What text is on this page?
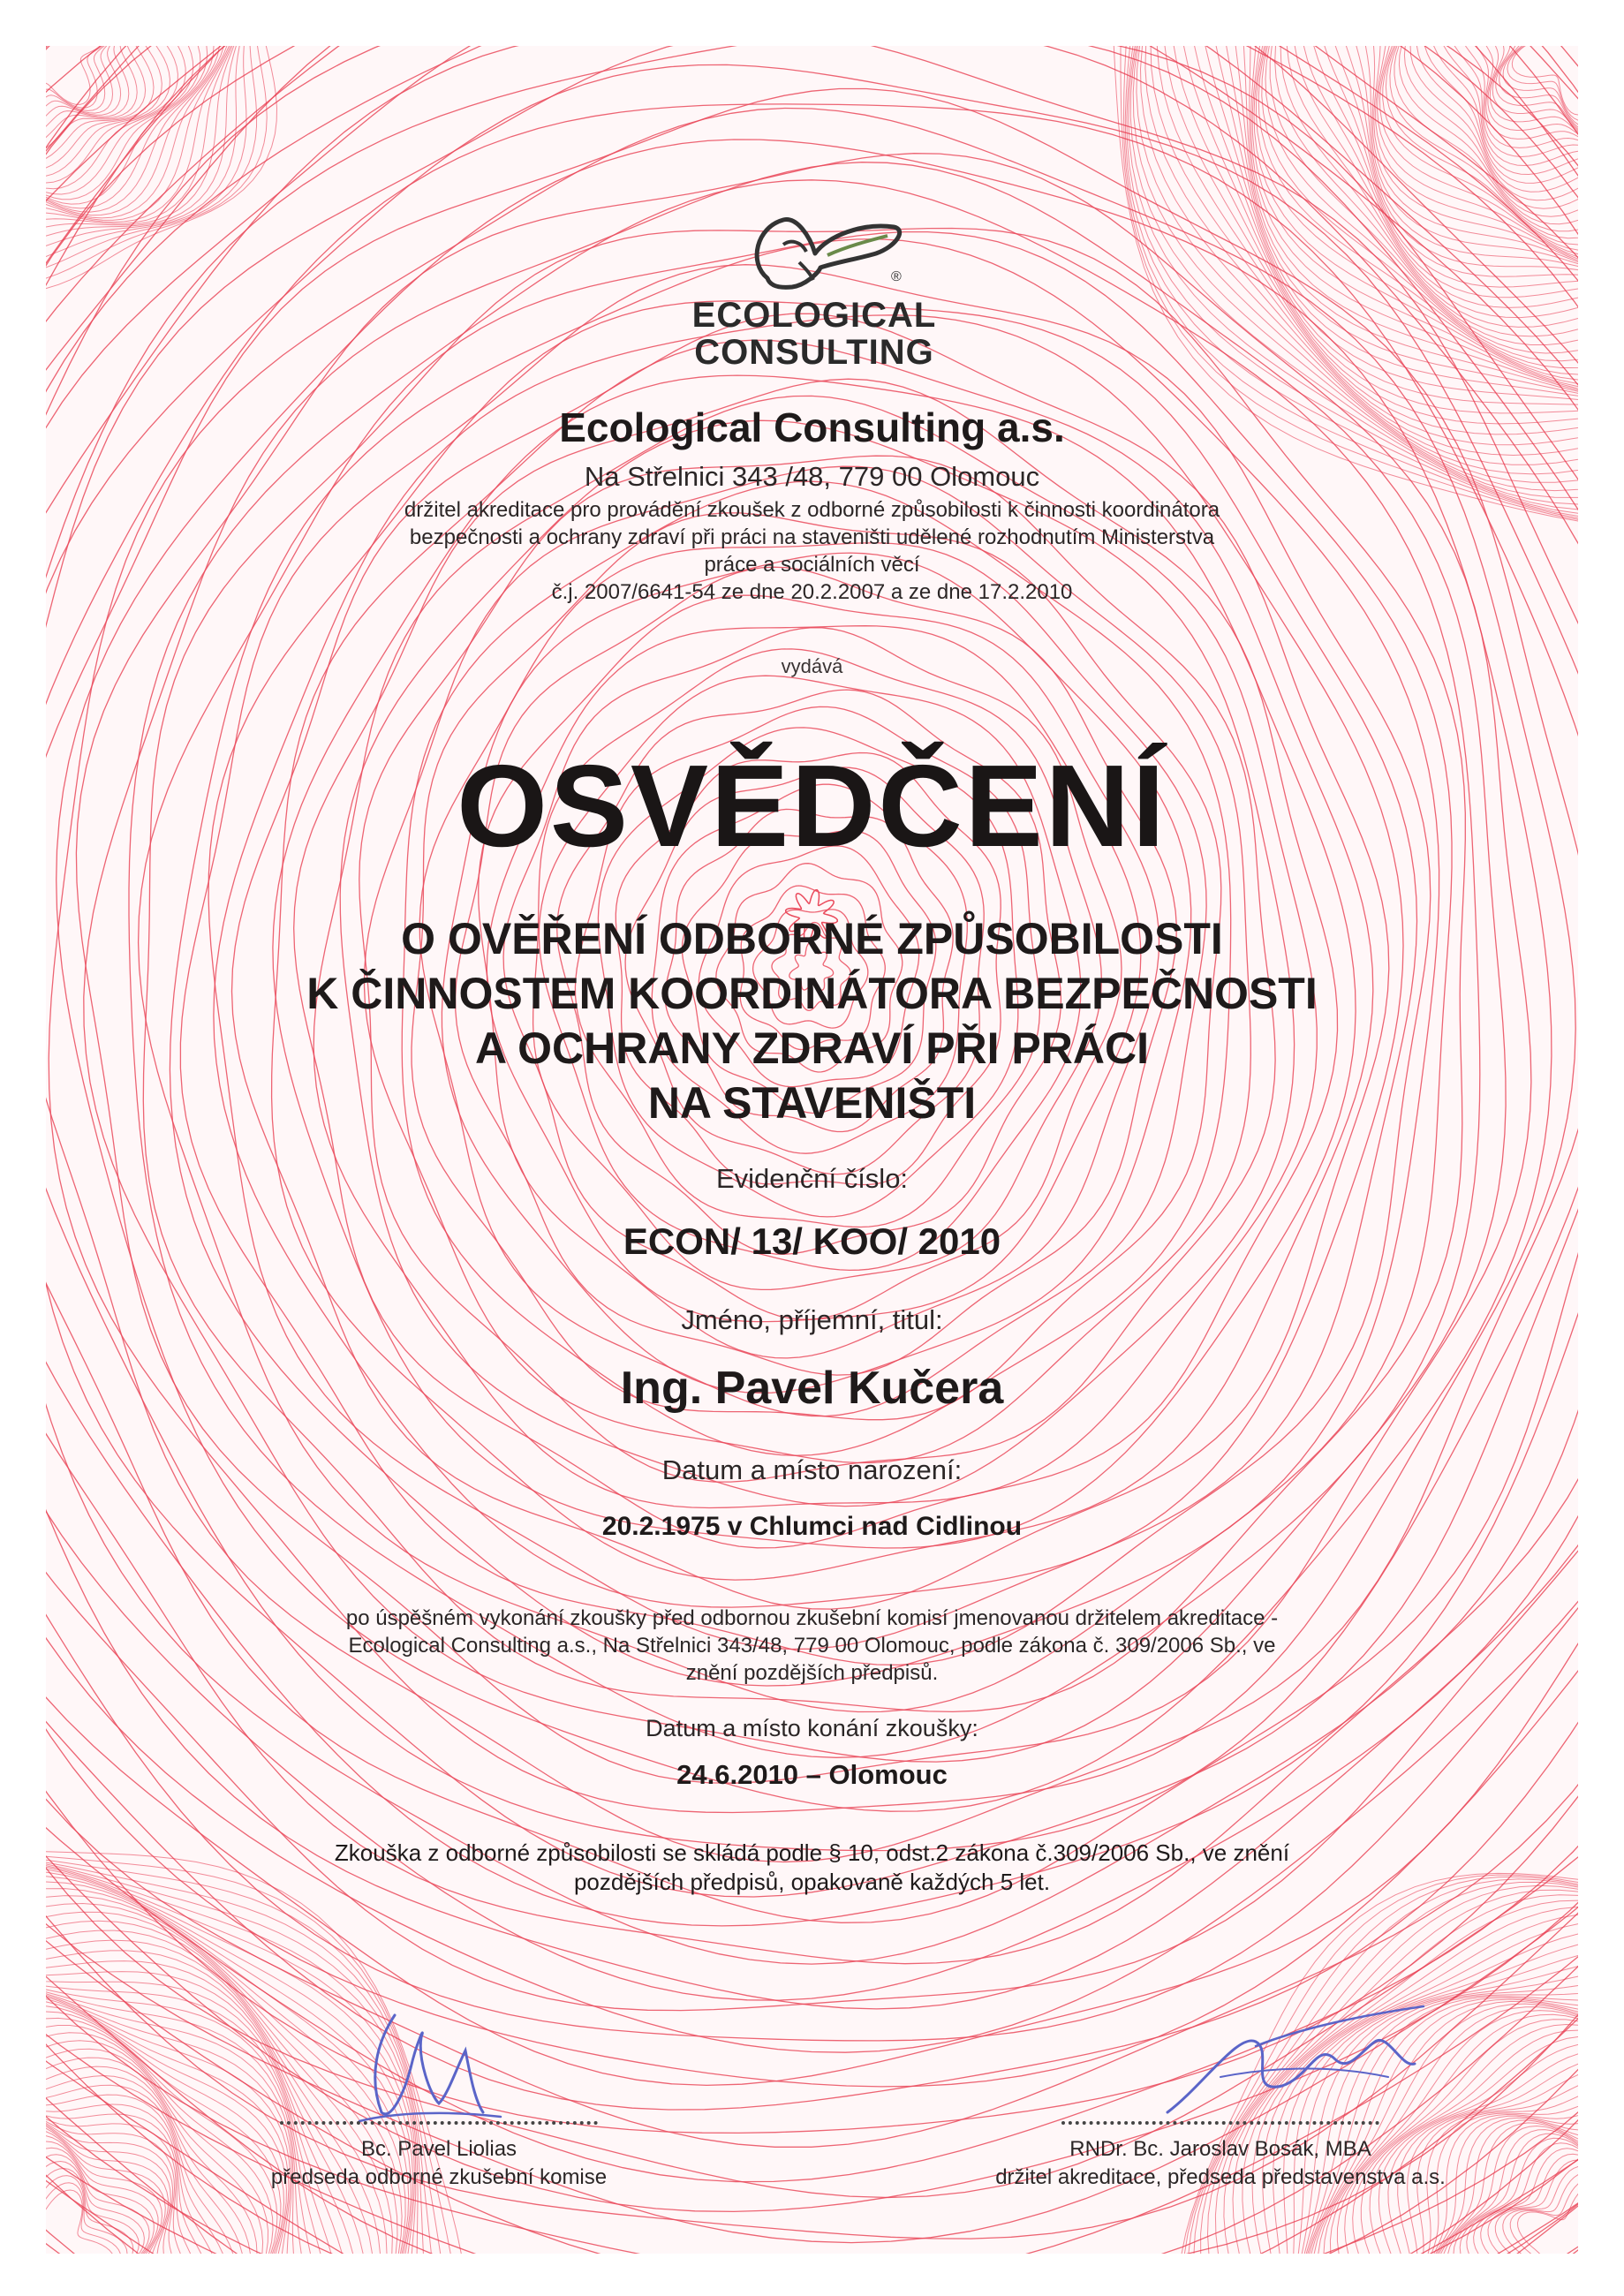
®
ECOLOGICAL
CONSULTING
Ecological Consulting a.s.
Na Střelnici 343 /48, 779 00 Olomouc
držitel akreditace pro provádění zkoušek z odborné způsobilosti k činnosti koordinátora
bezpečnosti a ochrany zdraví při práci na staveništi udělené rozhodnutím Ministerstva
práce a sociálních věcí
č.j. 2007/6641-54 ze dne 20.2.2007 a ze dne 17.2.2010
vydává
OSVĚDČENÍ
O OVĚŘENÍ ODBORNÉ ZPŮSOBILOSTI
K ČINNOSTEM KOORDINÁTORA BEZPEČNOSTI
A OCHRANY ZDRAVÍ PŘI PRÁCI
NA STAVENIŠTI
Evidenční číslo:
ECON/ 13/ KOO/ 2010
Jméno, příjemní, titul:
Ing. Pavel Kučera
Datum a místo narození:
20.2.1975 v Chlumci nad Cidlinou
po úspěšném vykonání zkoušky před odbornou zkušební komisí jmenovanou držitelem akreditace -
Ecological Consulting a.s., Na Střelnici 343/48, 779 00 Olomouc, podle zákona č. 309/2006 Sb., ve
znění pozdějších předpisů.
Datum a místo konání zkoušky:
24.6.2010 – Olomouc
Zkouška z odborné způsobilosti se skládá podle § 10, odst.2 zákona č.309/2006 Sb., ve znění
pozdějších předpisů, opakovaně každých 5 let.
Bc. Pavel Liolias
předseda odborné zkušební komise
RNDr. Bc. Jaroslav Bosák, MBA
držitel akreditace, předseda představenstva a.s.
